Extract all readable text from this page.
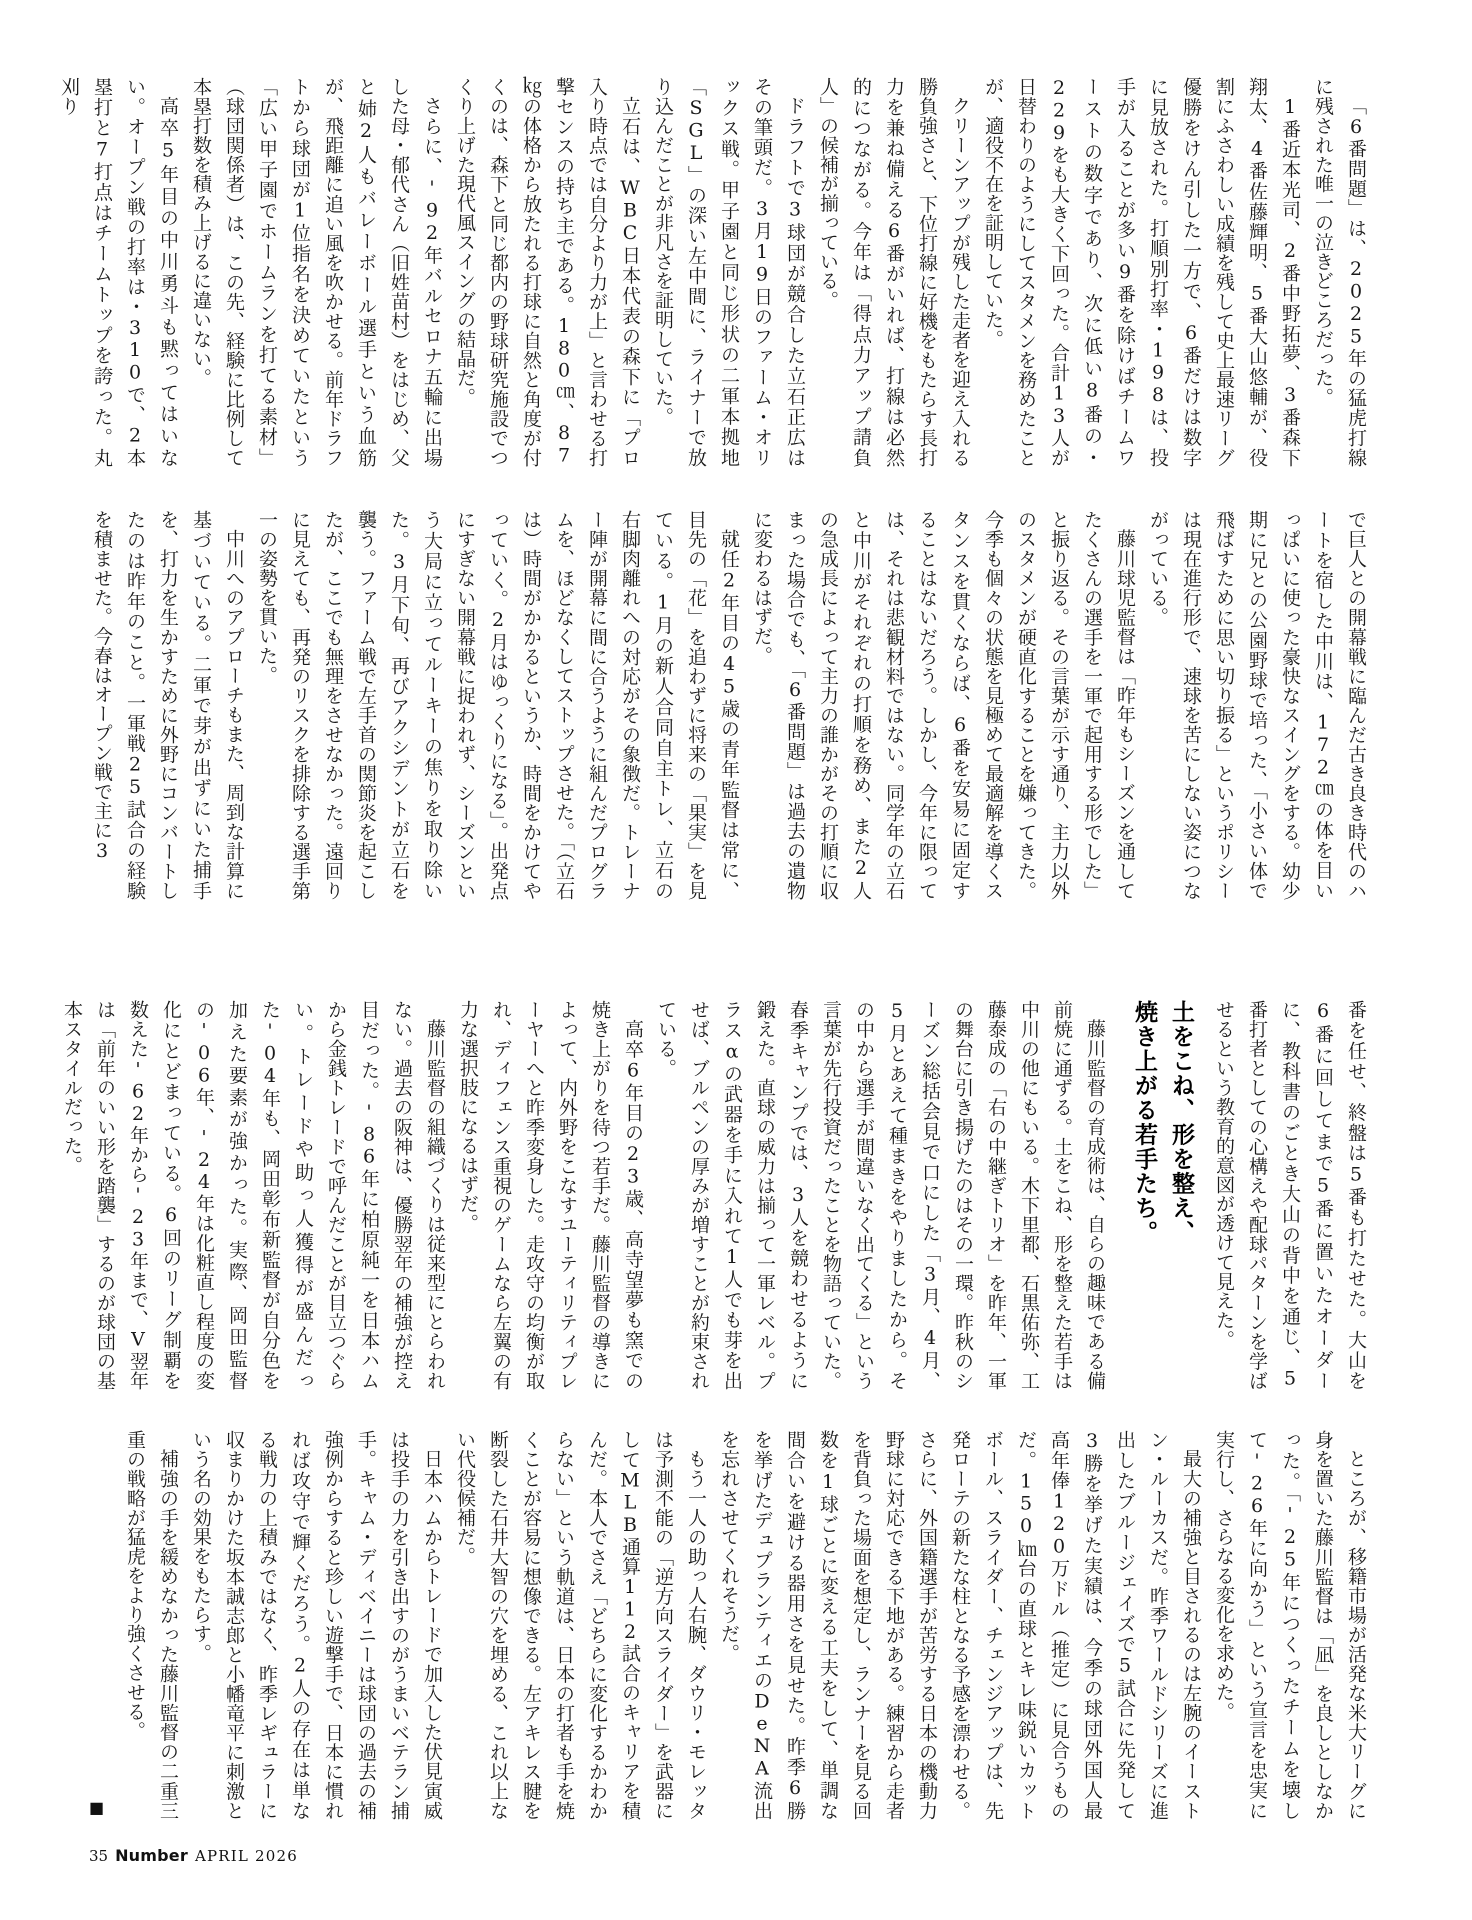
「6番問題」は、2025年の猛虎打線に残された唯一の泣きどころだった。

1番近本光司、2番中野拓夢、3番森下翔太、4番佐藤輝明、5番大山悠輔が、役割にふさわしい成績を残して史上最速リーグ優勝をけん引した一方で、6番だけは数字に見放された。打順別打率・198は、投手が入ることが多い9番を除けばチームワーストの数字であり、次に低い8番の・229をも大きく下回った。合計13人が日替わりのようにしてスタメンを務めたことが、適役不在を証明していた。

クリーンアップが残した走者を迎え入れる勝負強さと、下位打線に好機をもたらす長打力を兼ね備える6番がいれば、打線は必然的につながる。今年は「得点力アップ請負人」の候補が揃っている。

ドラフトで3球団が競合した立石正広はその筆頭だ。3月19日のファーム・オリックス戦。甲子園と同じ形状の二軍本拠地「SGL」の深い左中間に、ライナーで放り込んだことが非凡さを証明していた。

立石は、WBC日本代表の森下に「プロ入り時点では自分より力が上」と言わせる打撃センスの持ち主である。180㎝、87㎏の体格から放たれる打球に自然と角度が付くのは、森下と同じ都内の野球研究施設でつくり上げた現代風スイングの結晶だ。

さらに、'92年バルセロナ五輪に出場した母・郁代さん（旧姓苗村）をはじめ、父と姉2人もバレーボール選手という血筋が、飛距離に追い風を吹かせる。前年ドラフトから球団が1位指名を決めていたという「広い甲子園でホームランを打てる素材」（球団関係者）は、この先、経験に比例して本塁打数を積み上げるに違いない。

高卒5年目の中川勇斗も黙ってはいない。オープン戦の打率は・310で、2本塁打と7打点はチームトップを誇った。丸刈り

で巨人との開幕戦に臨んだ古き良き時代のハートを宿した中川は、172㎝の体を目いっぱいに使った豪快なスイングをする。幼少期に兄との公園野球で培った、「小さい体で飛ばすために思い切り振る」というポリシーは現在進行形で、速球を苦にしない姿につながっている。

藤川球児監督は「昨年もシーズンを通してたくさんの選手を一軍で起用する形でした」と振り返る。その言葉が示す通り、主力以外のスタメンが硬直化することを嫌ってきた。今季も個々の状態を見極めて最適解を導くスタンスを貫くならば、6番を安易に固定することはないだろう。しかし、今年に限っては、それは悲観材料ではない。同学年の立石と中川がそれぞれの打順を務め、また2人の急成長によって主力の誰かがその打順に収まった場合でも、「6番問題」は過去の遺物に変わるはずだ。

就任2年目の45歳の青年監督は常に、目先の「花」を追わずに将来の「果実」を見ている。1月の新人合同自主トレ、立石の右脚肉離れへの対応がその象徴だ。トレーナー陣が開幕に間に合うように組んだプログラムを、ほどなくしてストップさせた。「（立石は）時間がかかるというか、時間をかけてやっていく。2月はゆっくりになる」。出発点にすぎない開幕戦に捉われず、シーズンという大局に立ってルーキーの焦りを取り除いた。3月下旬、再びアクシデントが立石を襲う。ファーム戦で左手首の関節炎を起こしたが、ここでも無理をさせなかった。遠回りに見えても、再発のリスクを排除する選手第一の姿勢を貫いた。

中川へのアプローチもまた、周到な計算に基づいている。二軍で芽が出ずにいた捕手を、打力を生かすために外野にコンバートしたのは昨年のこと。一軍戦25試合の経験を積ませた。今春はオープン戦で主に3

番を任せ、終盤は5番も打たせた。大山を6番に回してまで5番に置いたオーダーに、教科書のごとき大山の背中を通じ、5番打者としての心構えや配球パターンを学ばせるという教育的意図が透けて見えた。

土をこね、形を整え、
焼き上がる若手たち。

藤川監督の育成術は、自らの趣味である備前焼に通ずる。土をこね、形を整えた若手は中川の他にもいる。木下里都、石黒佑弥、工藤泰成の「右の中継ぎトリオ」を昨年、一軍の舞台に引き揚げたのはその一環。昨秋のシーズン総括会見で口にした「3月、4月、5月とあえて種まきをやりましたから。その中から選手が間違いなく出てくる」という言葉が先行投資だったことを物語っていた。春季キャンプでは、3人を競わせるように鍛えた。直球の威力は揃って一軍レベル。プラスαの武器を手に入れて1人でも芽を出せば、ブルペンの厚みが増すことが約束されている。

高卒6年目の23歳、高寺望夢も窯での焼き上がりを待つ若手だ。藤川監督の導きによって、内外野をこなすユーティリティプレーヤーへと昨季変身した。走攻守の均衡が取れ、ディフェンス重視のゲームなら左翼の有力な選択肢になるはずだ。

藤川監督の組織づくりは従来型にとらわれない。過去の阪神は、優勝翌年の補強が控え目だった。'86年に柏原純一を日本ハムから金銭トレードで呼んだことが目立つぐらい。トレードや助っ人獲得が盛んだった'04年も、岡田彰布新監督が自分色を加えた要素が強かった。実際、岡田監督の'06年、'24年は化粧直し程度の変化にとどまっている。6回のリーグ制覇を数えた'62年から'23年まで、V翌年は「前年のいい形を踏襲」するのが球団の基本スタイルだった。

ところが、移籍市場が活発な米大リーグに身を置いた藤川監督は「凪」を良しとしなかった。「'25年につくったチームを壊して'26年に向かう」という宣言を忠実に実行し、さらなる変化を求めた。

最大の補強と目されるのは左腕のイーストン・ルーカスだ。昨季ワールドシリーズに進出したブルージェイズで5試合に先発して3勝を挙げた実績は、今季の球団外国人最高年俸120万ドル（推定）に見合うものだ。150㎞台の直球とキレ味鋭いカットボール、スライダー、チェンジアップは、先発ローテの新たな柱となる予感を漂わせる。さらに、外国籍選手が苦労する日本の機動力野球に対応できる下地がある。練習から走者を背負った場面を想定し、ランナーを見る回数を1球ごとに変える工夫をして、単調な間合いを避ける器用さを見せた。昨季6勝を挙げたデュプランティエのDeNA流出を忘れさせてくれそうだ。

もう一人の助っ人右腕、ダウリ・モレッタは予測不能の「逆方向スライダー」を武器にしてMLB通算112試合のキャリアを積んだ。本人でさえ「どちらに変化するかわからない」という軌道は、日本の打者も手を焼くことが容易に想像できる。左アキレス腱を断裂した石井大智の穴を埋める、これ以上ない代役候補だ。

日本ハムからトレードで加入した伏見寅威は投手の力を引き出すのがうまいベテラン捕手。キャム・ディベイニーは球団の過去の補強例からすると珍しい遊撃手で、日本に慣れれば攻守で輝くだろう。2人の存在は単なる戦力の上積みではなく、昨季レギュラーに収まりかけた坂本誠志郎と小幡竜平に刺激という名の効果をもたらす。

補強の手を緩めなかった藤川監督の二重三重の戦略が猛虎をより強くさせる。

■
35 Number APRIL 2026
